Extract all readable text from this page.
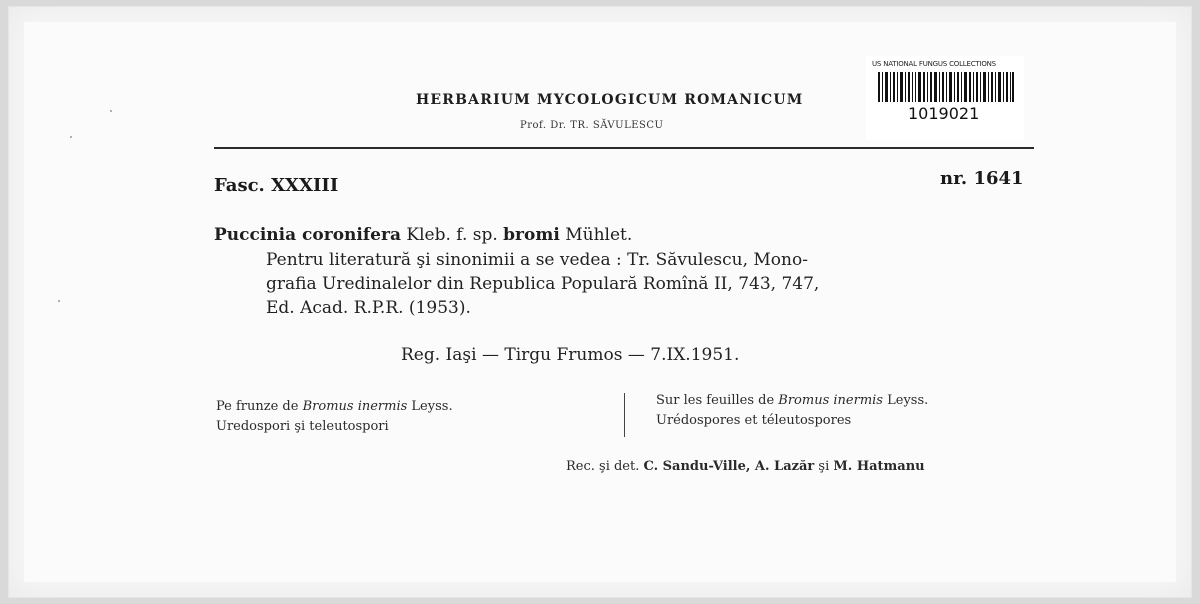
HERBARIUM MYCOLOGICUM ROMANICUM
Prof. Dr. TR. SĂVULESCU
US NATIONAL FUNGUS COLLECTIONS
1019021
Fasc. XXXIII	nr. 1641
Puccinia coronifera Kleb. f. sp. bromi Mühlet.
Pentru literatură şi sinonimii a se vedea : Tr. Săvulescu, Mono-
grafia Uredinalelor din Republica Populară Romînă II, 743, 747,
Ed. Acad. R.P.R. (1953).
Reg. Iaşi — Tirgu Frumos — 7.IX.1951.
Pe frunze de Bromus inermis Leyss.
Uredospori şi teleutospori
Sur les feuilles de Bromus inermis Leyss.
Urédospores et téleutospores
Rec. şi det. C. Sandu-Ville, A. Lazăr şi M. Hatmanu
